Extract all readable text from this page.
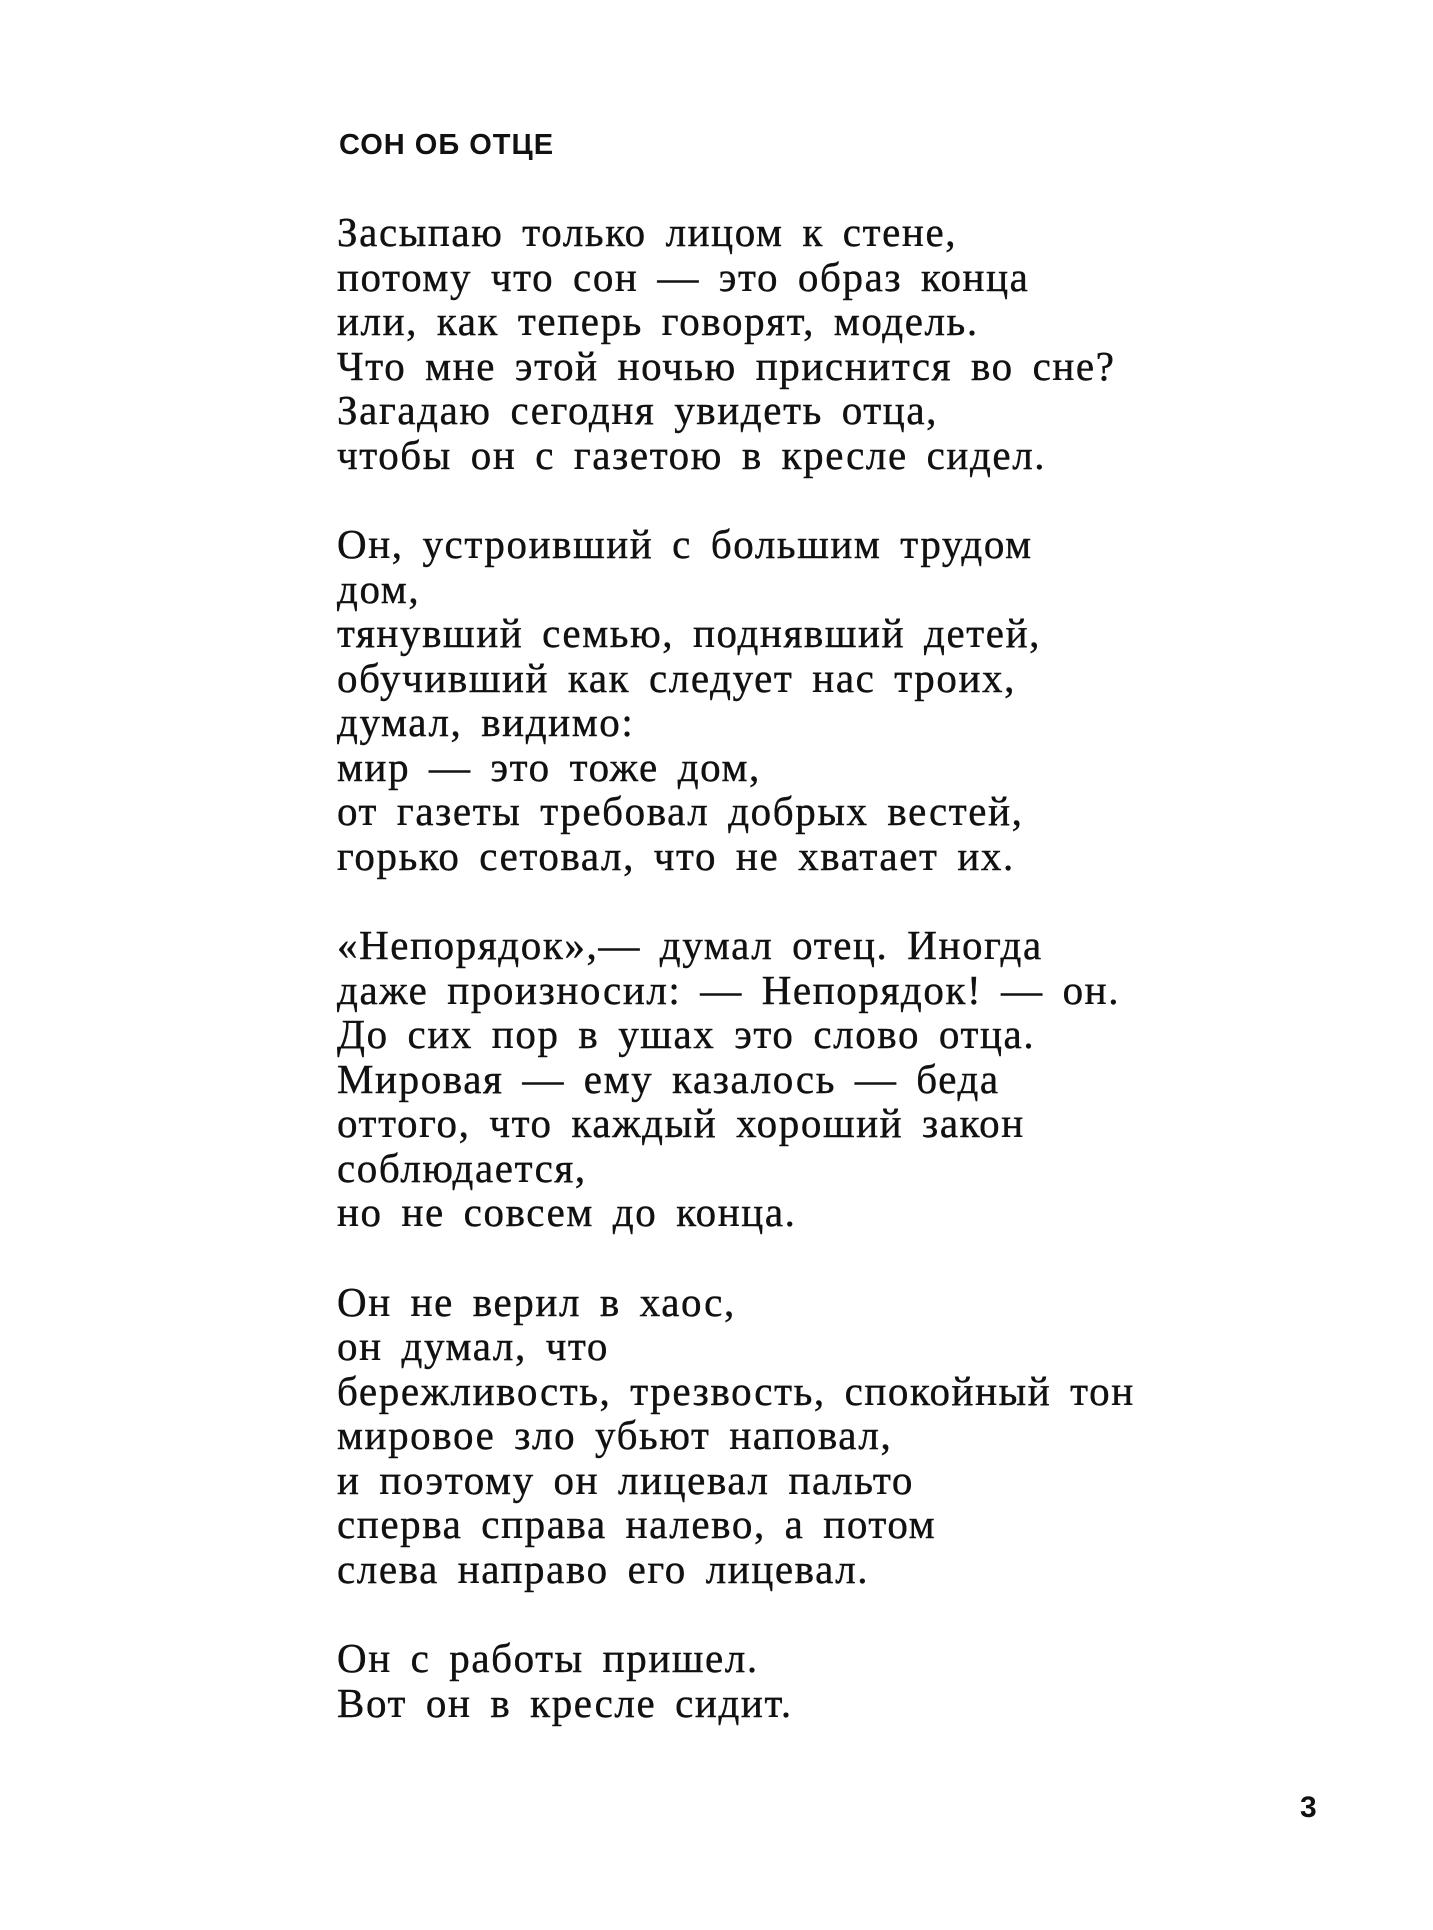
СОН ОБ ОТЦЕ
Засыпаю только лицом к стене,
потому что сон — это образ конца
или, как теперь говорят, модель.
Что мне этой ночью приснится во сне?
Загадаю сегодня увидеть отца,
чтобы он с газетою в кресле сидел.
Он, устроивший с большим трудом
дом,
тянувший семью, поднявший детей,
обучивший как следует нас троих,
думал, видимо:
мир — это тоже дом,
от газеты требовал добрых вестей,
горько сетовал, что не хватает их.
«Непорядок»,— думал отец. Иногда
даже произносил: — Непорядок! — он.
До сих пор в ушах это слово отца.
Мировая — ему казалось — беда
оттого, что каждый хороший закон
соблюдается,
но не совсем до конца.
Он не верил в хаос,
он думал, что
бережливость, трезвость, спокойный тон
мировое зло убьют наповал,
и поэтому он лицевал пальто
сперва справа налево, а потом
слева направо его лицевал.
Он с работы пришел.
Вот он в кресле сидит.
3
